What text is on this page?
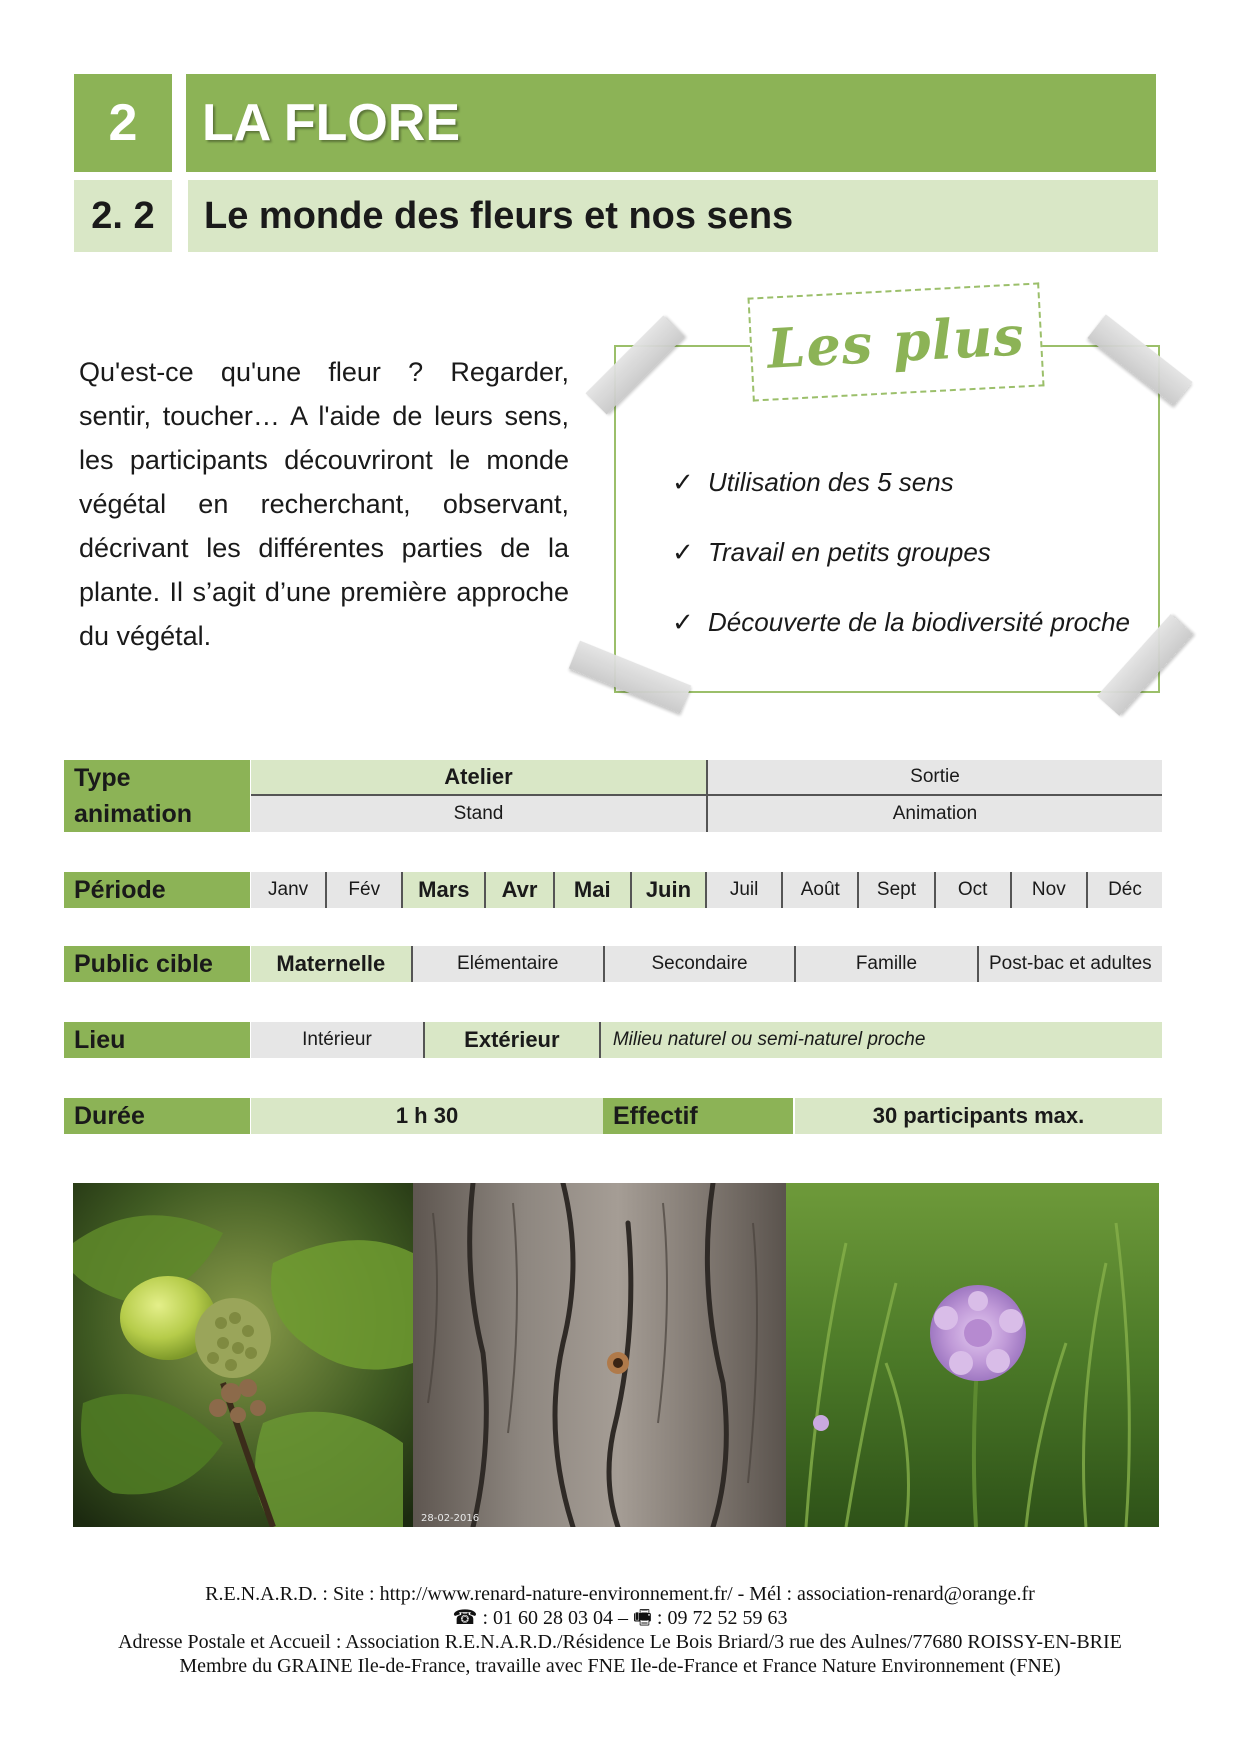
2	LA FLORE
2. 2	Le monde des fleurs et nos sens
Qu'est-ce qu'une fleur ? Regarder, sentir, toucher… A l'aide de leurs sens, les participants découvriront le monde végétal en recherchant, observant, décrivant les différentes parties de la plante. Il s’agit d’une première approche du végétal.
Les plus
✓ Utilisation des 5 sens
✓ Travail en petits groupes
✓ Découverte de la biodiversité proche
Type animation
Atelier	Sortie
Stand	Animation
Période	Janv	Fév	Mars	Avr	Mai	Juin	Juil	Août	Sept	Oct	Nov	Déc
Public cible	Maternelle	Elémentaire	Secondaire	Famille	Post-bac et adultes
Lieu	Intérieur	Extérieur	Milieu naturel ou semi-naturel proche
Durée	1 h 30	Effectif	30 participants max.
28-02-2016
R.E.N.A.R.D. : Site : http://www.renard-nature-environnement.fr/ - Mél : association-renard@orange.fr
☎ : 01 60 28 03 04 – 🖷 : 09 72 52 59 63
Adresse Postale et Accueil : Association R.E.N.A.R.D./Résidence Le Bois Briard/3 rue des Aulnes/77680 ROISSY-EN-BRIE
Membre du GRAINE Ile-de-France, travaille avec FNE Ile-de-France et France Nature Environnement (FNE)
